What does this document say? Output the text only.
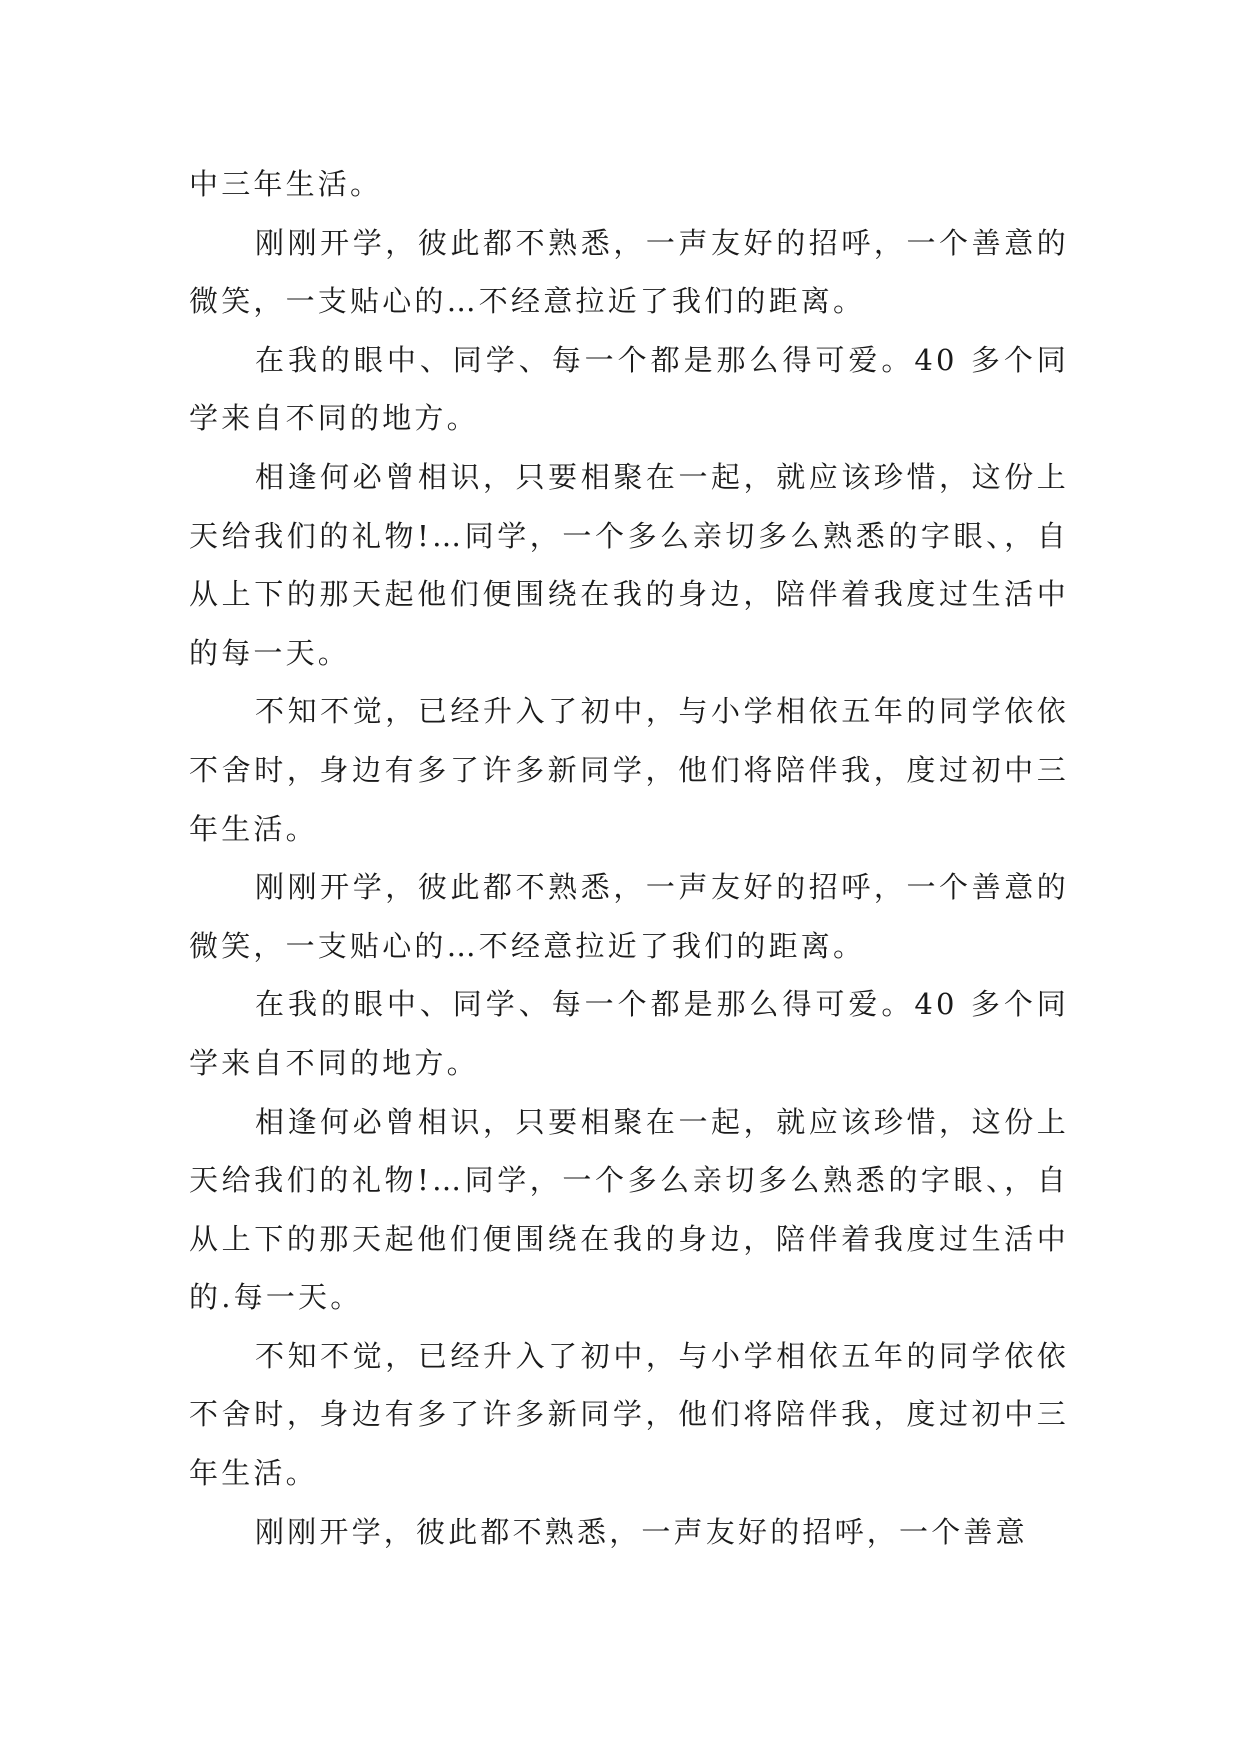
中三年生活。

刚刚开学，彼此都不熟悉，一声友好的招呼，一个善意的微笑，一支贴心的…不经意拉近了我们的距离。

在我的眼中、同学、每一个都是那么得可爱。40 多个同学来自不同的地方。

相逢何必曾相识，只要相聚在一起，就应该珍惜，这份上天给我们的礼物!…同学，一个多么亲切多么熟悉的字眼、，自从上下的那天起他们便围绕在我的身边，陪伴着我度过生活中的每一天。

不知不觉，已经升入了初中，与小学相依五年的同学依依不舍时，身边有多了许多新同学，他们将陪伴我，度过初中三年生活。

刚刚开学，彼此都不熟悉，一声友好的招呼，一个善意的微笑，一支贴心的…不经意拉近了我们的距离。

在我的眼中、同学、每一个都是那么得可爱。40 多个同学来自不同的地方。

相逢何必曾相识，只要相聚在一起，就应该珍惜，这份上天给我们的礼物!…同学，一个多么亲切多么熟悉的字眼、，自从上下的那天起他们便围绕在我的身边，陪伴着我度过生活中的.每一天。

不知不觉，已经升入了初中，与小学相依五年的同学依依不舍时，身边有多了许多新同学，他们将陪伴我，度过初中三年生活。

刚刚开学，彼此都不熟悉，一声友好的招呼，一个善意
